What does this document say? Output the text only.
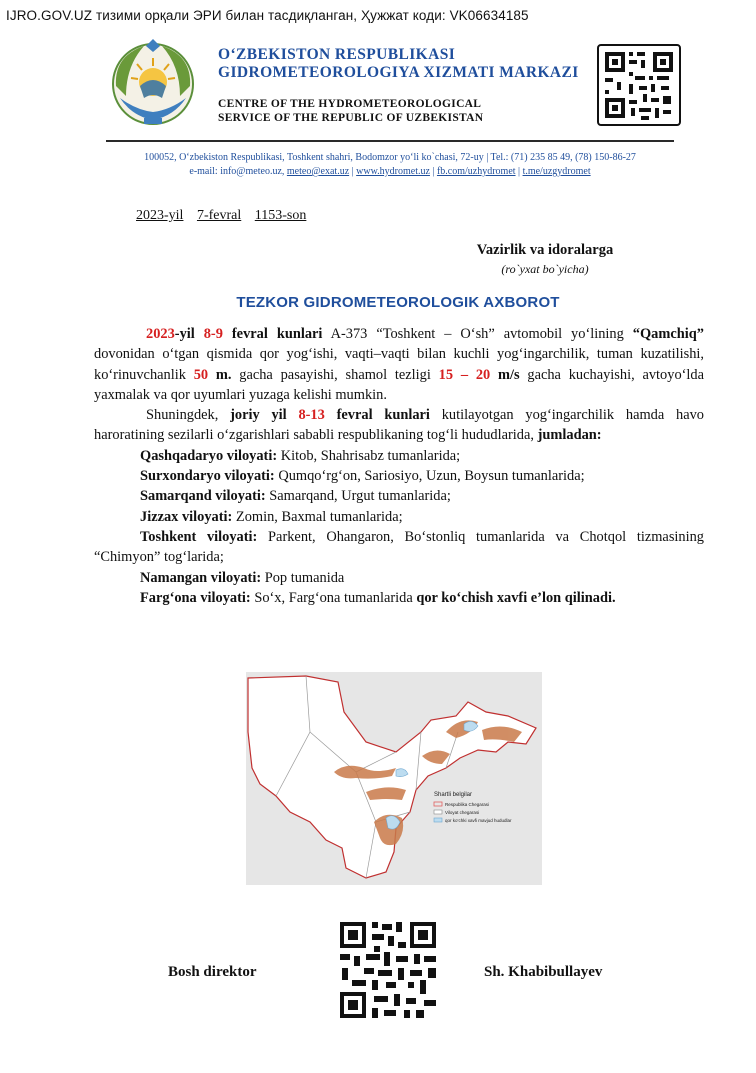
IJRO.GOV.UZ тизими орқали ЭРИ билан тасдиқланган, Ҳужжат коди: VK06634185
O‘ZBEKISTON RESPUBLIKASI
GIDROMETEOROLOGIYA XIZMATI MARKAZI
CENTRE OF THE HYDROMETEOROLOGICAL
SERVICE OF THE REPUBLIC OF UZBEKISTAN
100052, O‘zbekiston Respublikasi, Toshkent shahri, Bodomzor yo‘li ko`chasi, 72-uy | Tel.: (71) 235 85 49, (78) 150-86-27
e-mail: info@meteo.uz, meteo@exat.uz | www.hydromet.uz | fb.com/uzhydromet | t.me/uzgydromet
2023-yil 7-fevral 1153-son
Vazirlik va idoralarga
(ro`yxat bo`yicha)
TEZKOR GIDROMETEOROLOGIK AXBOROT

2023-yil 8-9 fevral kunlari A-373 “Toshkent – O‘sh” avtomobil yo‘lining “Qamchiq” dovonidan o‘tgan qismida qor yog‘ishi, vaqti–vaqti bilan kuchli yog‘ingarchilik, tuman kuzatilishi, ko‘rinuvchanlik 50 m. gacha pasayishi, shamol tezligi 15 – 20 m/s gacha kuchayishi, avtoyo‘lda yaxmalak va qor uyumlari yuzaga kelishi mumkin.

Shuningdek, joriy yil 8-13 fevral kunlari kutilayotgan yog‘ingarchilik hamda havo haroratining sezilarli o‘zgarishlari sababli respublikaning tog‘li hududlarida, jumladan:

Qashqadaryo viloyati: Kitob, Shahrisabz tumanlarida;

Surxondaryo viloyati: Qumqo‘rg‘on, Sariosiyo, Uzun, Boysun tumanlarida;

Samarqand viloyati: Samarqand, Urgut tumanlarida;

Jizzax viloyati: Zomin, Baxmal tumanlarida;

Toshkent viloyati: Parkent, Ohangaron, Bo‘stonliq tumanlarida va Chotqol tizmasining “Chimyon” tog‘larida;

Namangan viloyati: Pop tumanida

Farg‘ona viloyati: So‘x, Farg‘ona tumanlarida qor ko‘chish xavfi e’lon qilinadi.

Shartli belgilar
Respublika Chegarasi
Viloyat chegarasi
qor ko‘chki xavfi mavjud hududlar
Bosh direktor	Sh. Khabibullayev
